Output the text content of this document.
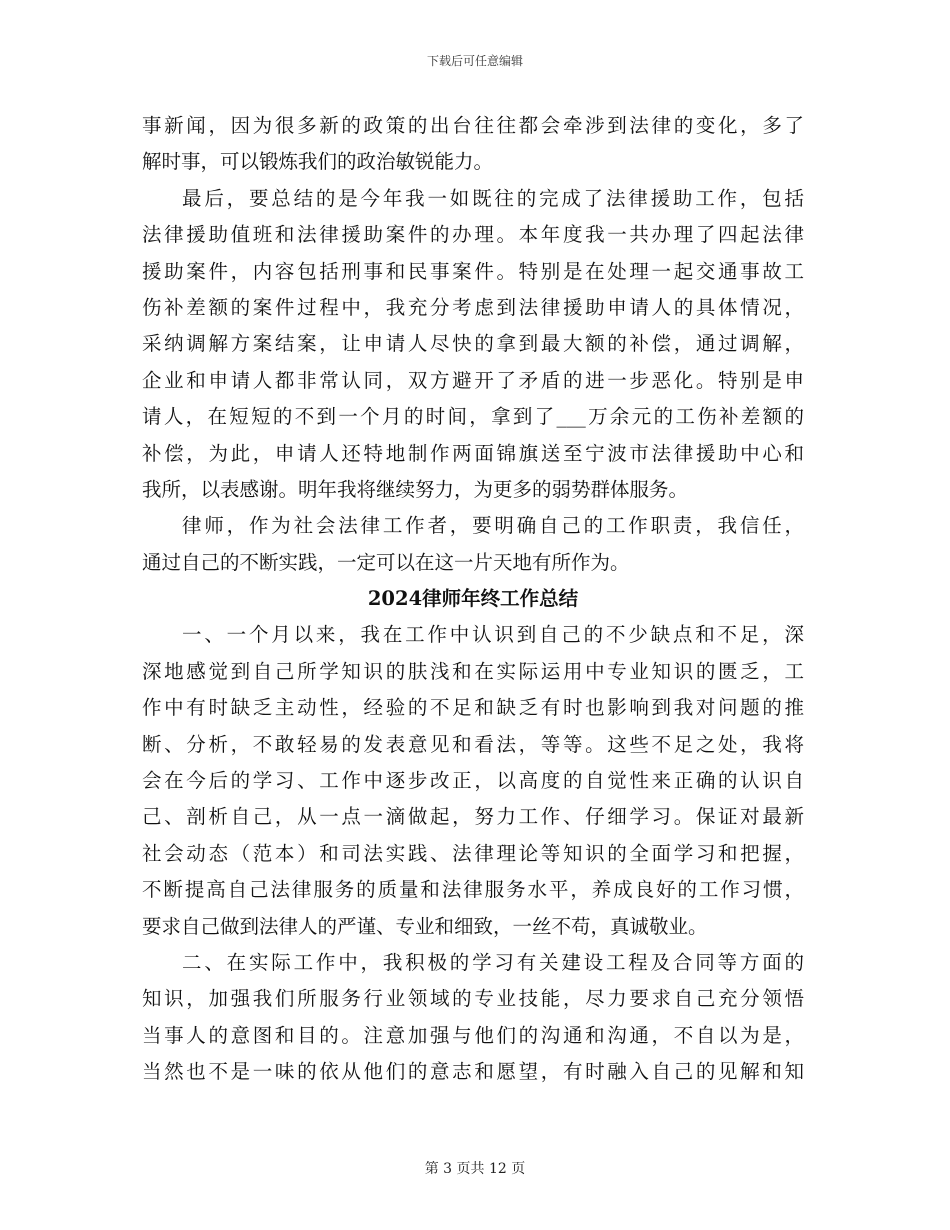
下载后可任意编辑
事新闻，因为很多新的政策的出台往往都会牵涉到法律的变化，多了
解时事，可以锻炼我们的政治敏锐能力。
最后，要总结的是今年我一如既往的完成了法律援助工作，包括
法律援助值班和法律援助案件的办理。本年度我一共办理了四起法律
援助案件，内容包括刑事和民事案件。特别是在处理一起交通事故工
伤补差额的案件过程中，我充分考虑到法律援助申请人的具体情况，
采纳调解方案结案，让申请人尽快的拿到最大额的补偿，通过调解，
企业和申请人都非常认同，双方避开了矛盾的进一步恶化。特别是申
请人，在短短的不到一个月的时间，拿到了___万余元的工伤补差额的
补偿，为此，申请人还特地制作两面锦旗送至宁波市法律援助中心和
我所，以表感谢。明年我将继续努力，为更多的弱势群体服务。
律师，作为社会法律工作者，要明确自己的工作职责，我信任，
通过自己的不断实践，一定可以在这一片天地有所作为。
2024律师年终工作总结
一、一个月以来，我在工作中认识到自己的不少缺点和不足，深
深地感觉到自己所学知识的肤浅和在实际运用中专业知识的匮乏，工
作中有时缺乏主动性，经验的不足和缺乏有时也影响到我对问题的推
断、分析，不敢轻易的发表意见和看法，等等。这些不足之处，我将
会在今后的学习、工作中逐步改正，以高度的自觉性来正确的认识自
己、剖析自己，从一点一滴做起，努力工作、仔细学习。保证对最新
社会动态（范本）和司法实践、法律理论等知识的全面学习和把握，
不断提高自己法律服务的质量和法律服务水平，养成良好的工作习惯，
要求自己做到法律人的严谨、专业和细致，一丝不苟，真诚敬业。
二、在实际工作中，我积极的学习有关建设工程及合同等方面的
知识，加强我们所服务行业领域的专业技能，尽力要求自己充分领悟
当事人的意图和目的。注意加强与他们的沟通和沟通，不自以为是，
当然也不是一味的依从他们的意志和愿望，有时融入自己的见解和知
第 3 页共 12 页
